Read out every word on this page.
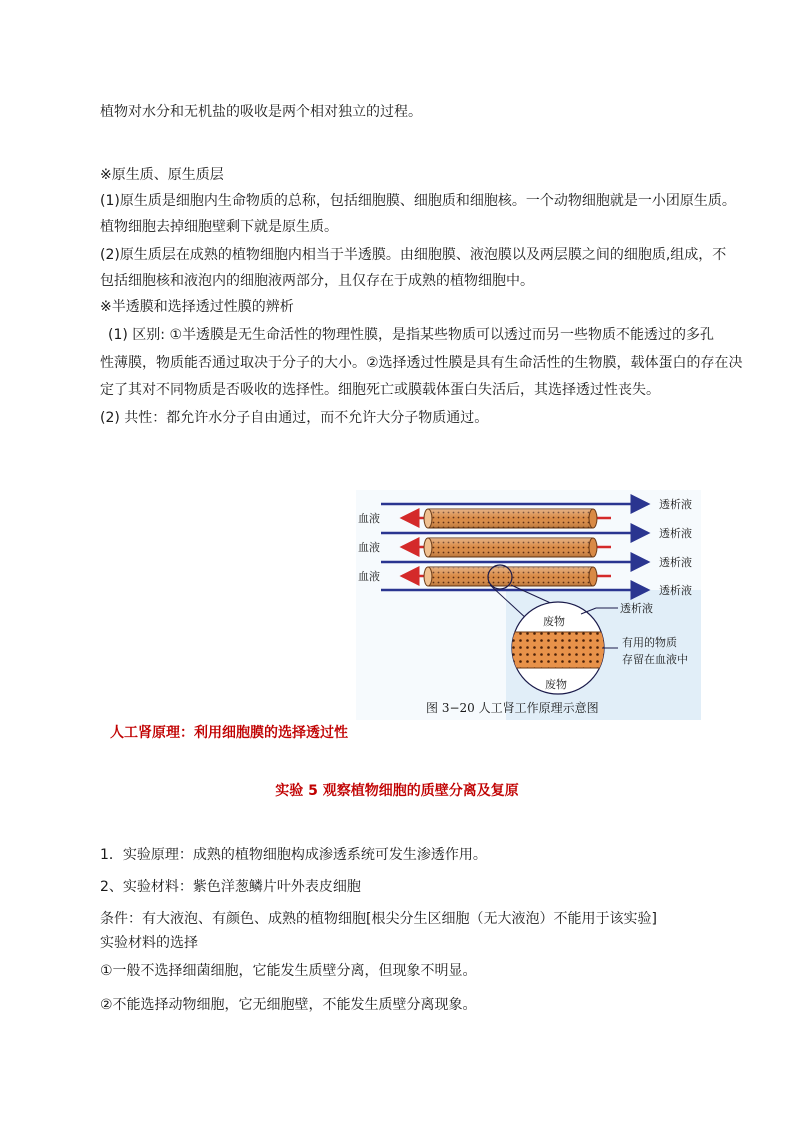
植物对水分和无机盐的吸收是两个相对独立的过程。
※原生质、原生质层
(1)原生质是细胞内生命物质的总称，包括细胞膜、细胞质和细胞核。一个动物细胞就是一小团原生质。
植物细胞去掉细胞壁剩下就是原生质。
(2)原生质层在成熟的植物细胞内相当于半透膜。由细胞膜、液泡膜以及两层膜之间的细胞质,组成，不
包括细胞核和液泡内的细胞液两部分，且仅存在于成熟的植物细胞中。
※半透膜和选择透过性膜的辨析
(1) 区别: ①半透膜是无生命活性的物理性膜，是指某些物质可以透过而另一些物质不能透过的多孔
性薄膜，物质能否通过取决于分子的大小。②选择透过性膜是具有生命活性的生物膜，载体蛋白的存在决
定了其对不同物质是否吸收的选择性。细胞死亡或膜载体蛋白失活后，其选择透过性丧失。
(2) 共性：都允许水分子自由通过，而不允许大分子物质通过。
透析液
透析液
透析液
透析液
血液
血液
血液
透析液
废物
废物
有用的物质
存留在血液中
图 3−20 人工肾工作原理示意图
人工肾原理：利用细胞膜的选择透过性
实验 5 观察植物细胞的质壁分离及复原
1．实验原理：成熟的植物细胞构成渗透系统可发生渗透作用。
2、实验材料：紫色洋葱鳞片叶外表皮细胞
条件：有大液泡、有颜色、成熟的植物细胞[根尖分生区细胞（无大液泡）不能用于该实验]
实验材料的选择
①一般不选择细菌细胞，它能发生质壁分离，但现象不明显。
②不能选择动物细胞，它无细胞壁，不能发生质壁分离现象。
